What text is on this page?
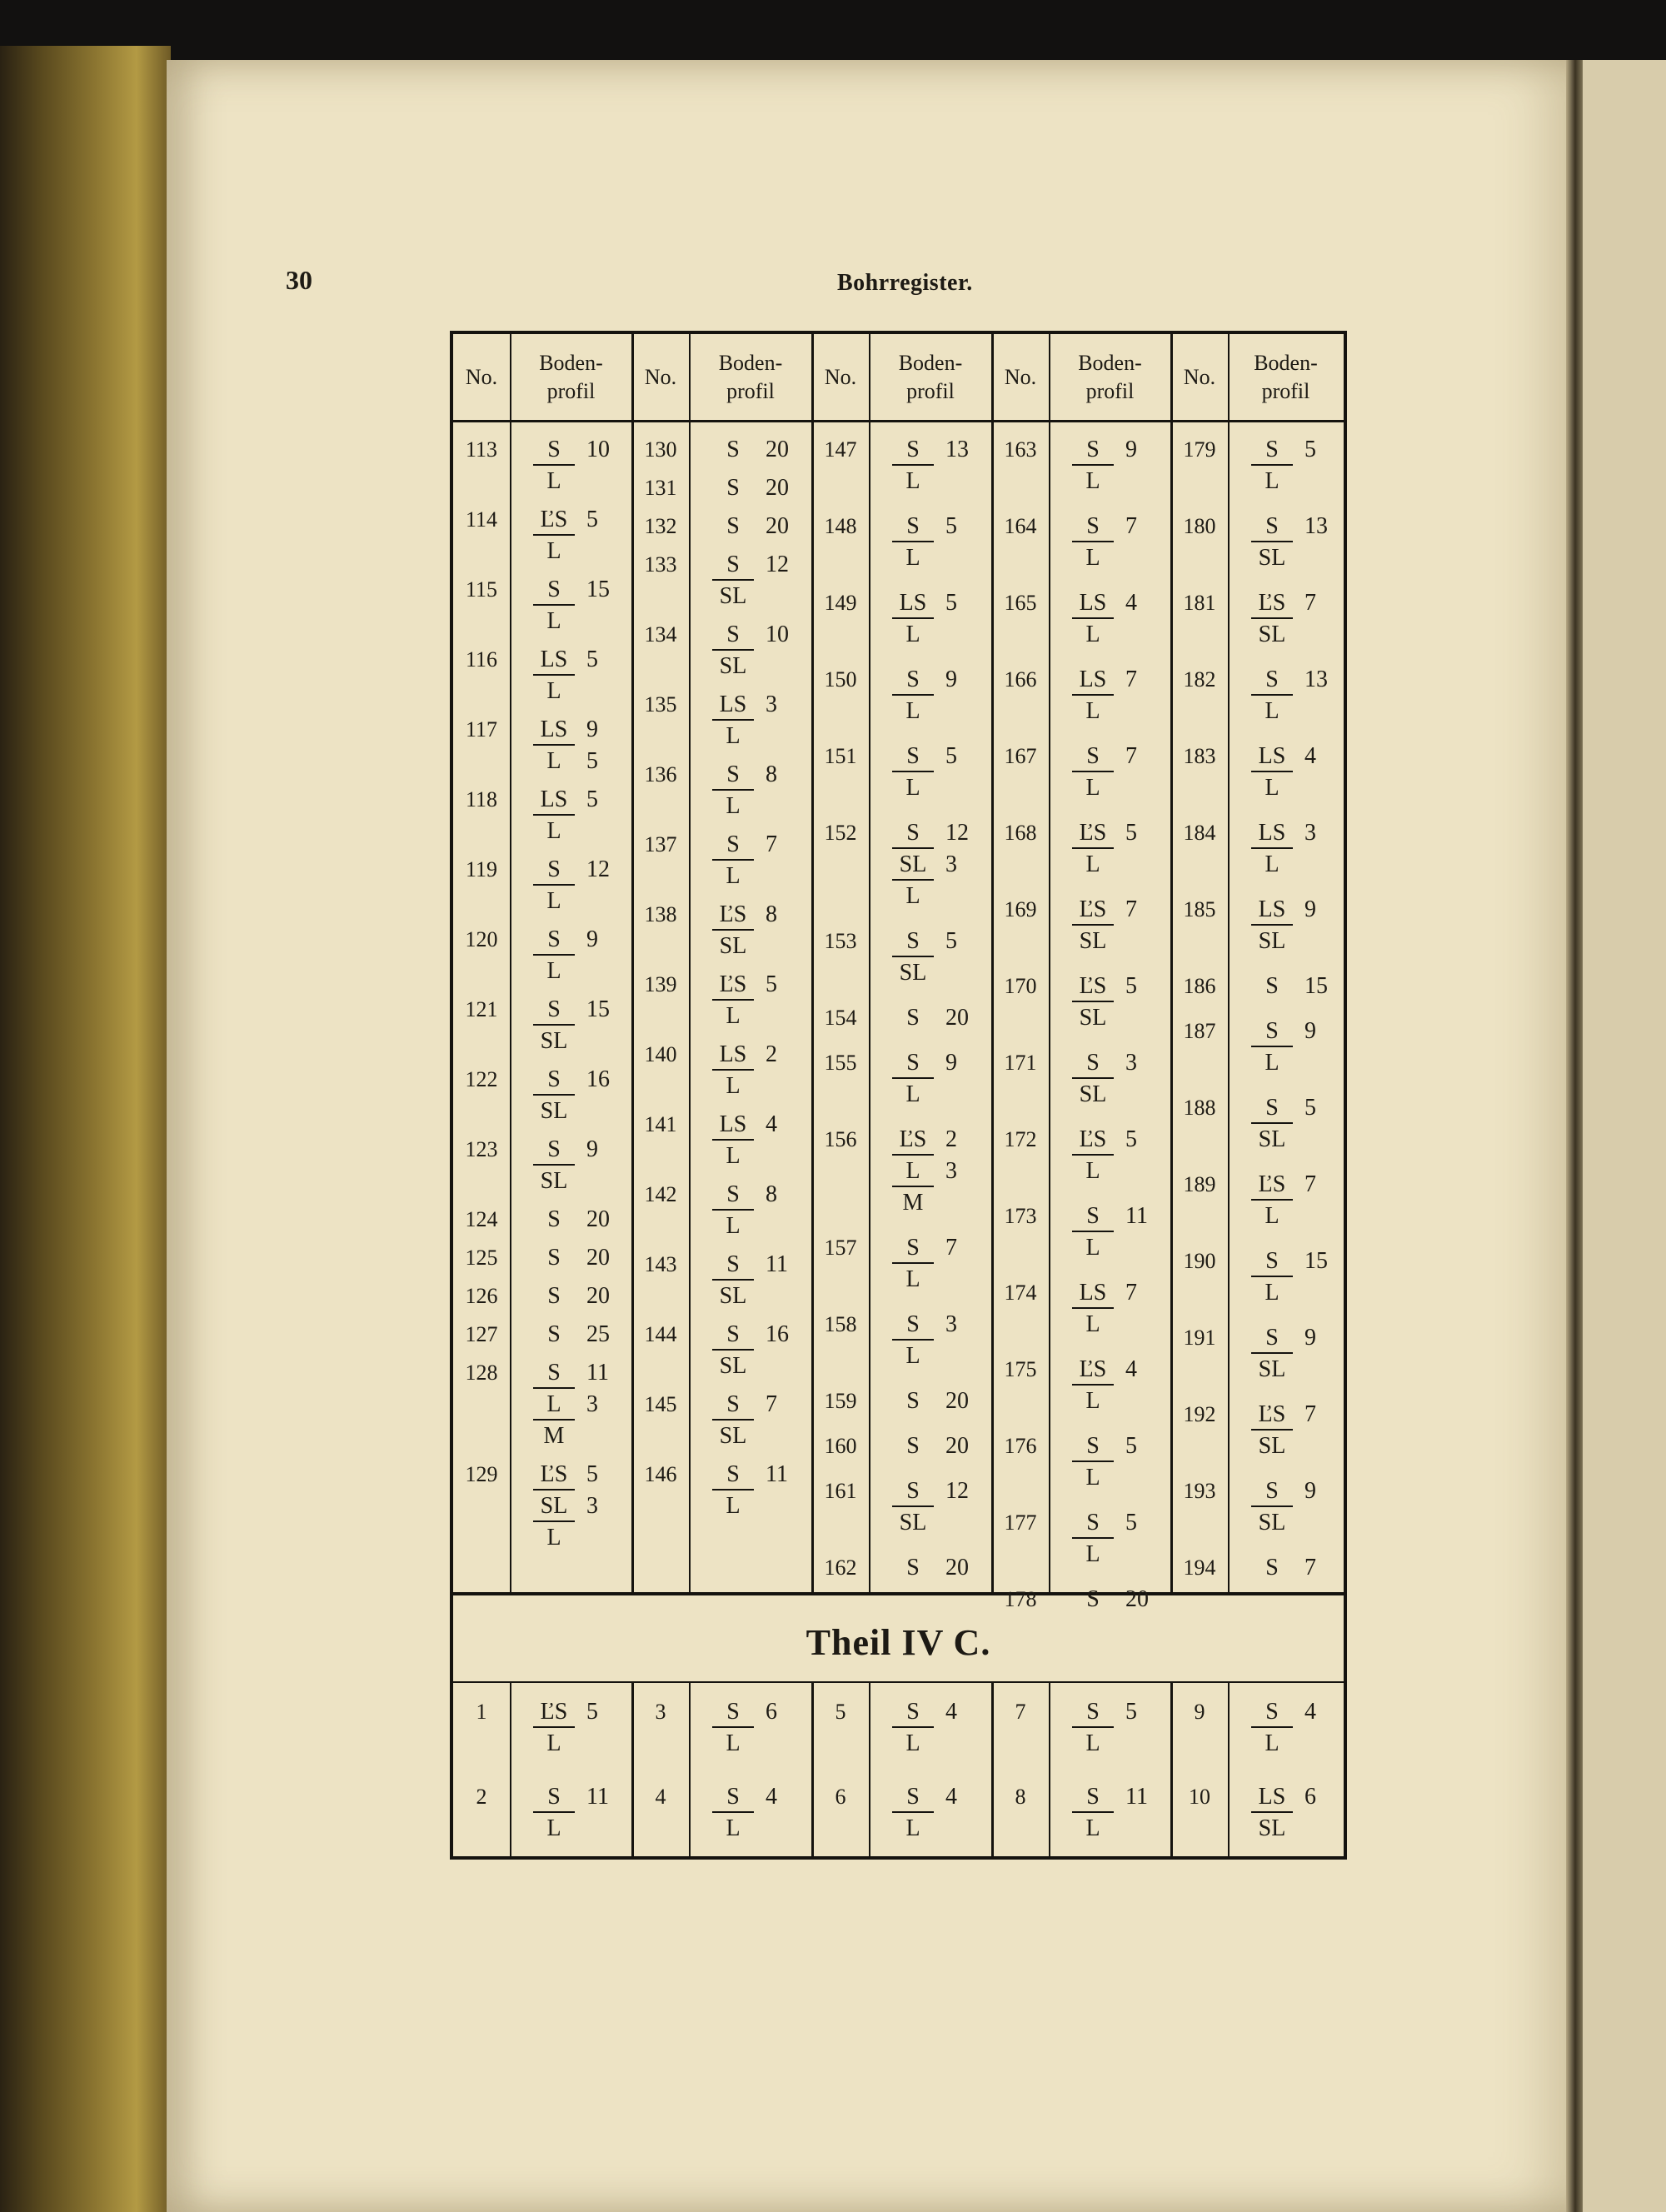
30	Bohrregister.
No.
Boden-
profil
No.
Boden-
profil
No.
Boden-
profil
No.
Boden-
profil
No.
Boden-
profil
113	S 10
L
114	ĽS 5
L
115	S 15
L
116	LS 5
L
117	LS 9
L 5
118	LS 5
L
119	S 12
L
120	S 9
L
121	S 15
SL
122	S 16
SL
123	S 9
SL
124	S 20
125	S 20
126	S 20
127	S 25
128	S 11
L 3
M
129	ĽS 5
SL 3
L
130	S 20
131	S 20
132	S 20
133	S 12
SL
134	S 10
SL
135	LS 3
L
136	S 8
L
137	S 7
L
138	ĽS 8
SL
139	ĽS 5
L
140	LS 2
L
141	LS 4
L
142	S 8
L
143	S 11
SL
144	S 16
SL
145	S 7
SL
146	S 11
L
147	S 13
L
148	S 5
L
149	LS 5
L
150	S 9
L
151	S 5
L
152	S 12
SL 3
L
153	S 5
SL
154	S 20
155	S 9
L
156	ĽS 2
L 3
M
157	S 7
L
158	S 3
L
159	S 20
160	S 20
161	S 12
SL
162	S 20
163	S 9
L
164	S 7
L
165	LS 4
L
166	LS 7
L
167	S 7
L
168	ĽS 5
L
169	ĽS 7
SL
170	ĽS 5
SL
171	S 3
SL
172	ĽS 5
L
173	S 11
L
174	LS 7
L
175	ĽS 4
L
176	S 5
L
177	S 5
L
178	S 20
179	S 5
L
180	S 13
SL
181	ĽS 7
SL
182	S 13
L
183	LS 4
L
184	LS 3
L
185	LS 9
SL
186	S 15
187	S 9
L
188	S 5
SL
189	ĽS 7
L
190	S 15
L
191	S 9
SL
192	ĽS 7
SL
193	S 9
SL
194	S 7
Theil IV C.
1	ĽS 5
L
2	S 11
L
3	S 6
L
4	S 4
L
5	S 4
L
6	S 4
L
7	S 5
L
8	S 11
L
9	S 4
L
10	LS 6
SL
